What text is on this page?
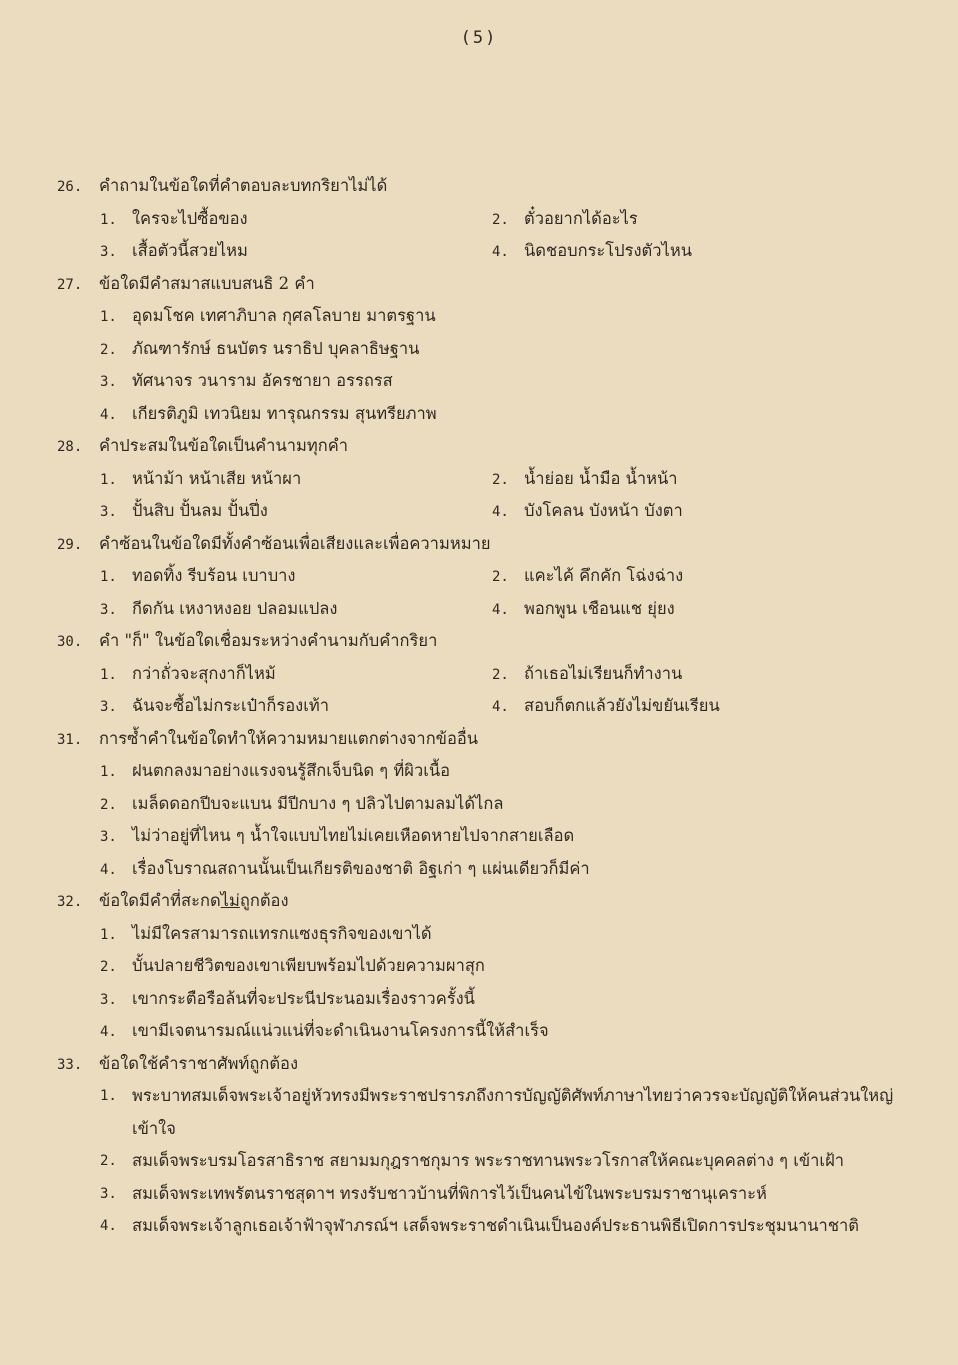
(5)
26. คำถามในข้อใดที่คำตอบละบทกริยาไม่ได้
1. ใครจะไปซื้อของ	2. ตั๋วอยากได้อะไร
3. เสื้อตัวนี้สวยไหม	4. นิดชอบกระโปรงตัวไหน
27. ข้อใดมีคำสมาสแบบสนธิ 2 คำ
1. อุดมโชค เทศาภิบาล กุศลโลบาย มาตรฐาน
2. ภัณฑารักษ์ ธนบัตร นราธิป บุคลาธิษฐาน
3. ทัศนาจร วนาราม อัครชายา อรรถรส
4. เกียรติภูมิ เทวนิยม ทารุณกรรม สุนทรียภาพ
28. คำประสมในข้อใดเป็นคำนามทุกคำ
1. หน้าม้า หน้าเสีย หน้าผา	2. น้ำย่อย น้ำมือ น้ำหน้า
3. ปั้นสิบ ปั้นลม ปั้นปึ่ง	4. บังโคลน บังหน้า บังตา
29. คำซ้อนในข้อใดมีทั้งคำซ้อนเพื่อเสียงและเพื่อความหมาย
1. ทอดทิ้ง รีบร้อน เบาบาง	2. แคะไค้ คึกคัก โฉ่งฉ่าง
3. กีดกัน เหงาหงอย ปลอมแปลง	4. พอกพูน เชือนแช ยุ่ยง
30. คำ "ก็" ในข้อใดเชื่อมระหว่างคำนามกับคำกริยา
1. กว่าถั่วจะสุกงาก็ไหม้	2. ถ้าเธอไม่เรียนก็ทำงาน
3. ฉันจะซื้อไม่กระเป๋าก็รองเท้า	4. สอบก็ตกแล้วยังไม่ขยันเรียน
31. การซ้ำคำในข้อใดทำให้ความหมายแตกต่างจากข้ออื่น
1. ฝนตกลงมาอย่างแรงจนรู้สึกเจ็บนิด ๆ ที่ผิวเนื้อ
2. เมล็ดดอกปีบจะแบน มีปีกบาง ๆ ปลิวไปตามลมได้ไกล
3. ไม่ว่าอยู่ที่ไหน ๆ น้ำใจแบบไทยไม่เคยเหือดหายไปจากสายเลือด
4. เรื่องโบราณสถานนั้นเป็นเกียรติของชาติ อิฐเก่า ๆ แผ่นเดียวก็มีค่า
32. ข้อใดมีคำที่สะกดไม่ถูกต้อง
1. ไม่มีใครสามารถแทรกแซงธุรกิจของเขาได้
2. บั้นปลายชีวิตของเขาเพียบพร้อมไปด้วยความผาสุก
3. เขากระตือรือล้นที่จะประนีประนอมเรื่องราวครั้งนี้
4. เขามีเจตนารมณ์แน่วแน่ที่จะดำเนินงานโครงการนี้ให้สำเร็จ
33. ข้อใดใช้คำราชาศัพท์ถูกต้อง
1. พระบาทสมเด็จพระเจ้าอยู่หัวทรงมีพระราชปรารภถึงการบัญญัติศัพท์ภาษาไทยว่าควรจะบัญญัติให้คนส่วนใหญ่เข้าใจ
2. สมเด็จพระบรมโอรสาธิราช สยามมกุฎราชกุมาร พระราชทานพระวโรกาสให้คณะบุคคลต่าง ๆ เข้าเฝ้า
3. สมเด็จพระเทพรัตนราชสุดาฯ ทรงรับชาวบ้านที่พิการไว้เป็นคนไข้ในพระบรมราชานุเคราะห์
4. สมเด็จพระเจ้าลูกเธอเจ้าฟ้าจุฬาภรณ์ฯ เสด็จพระราชดำเนินเป็นองค์ประธานพิธีเปิดการประชุมนานาชาติ
